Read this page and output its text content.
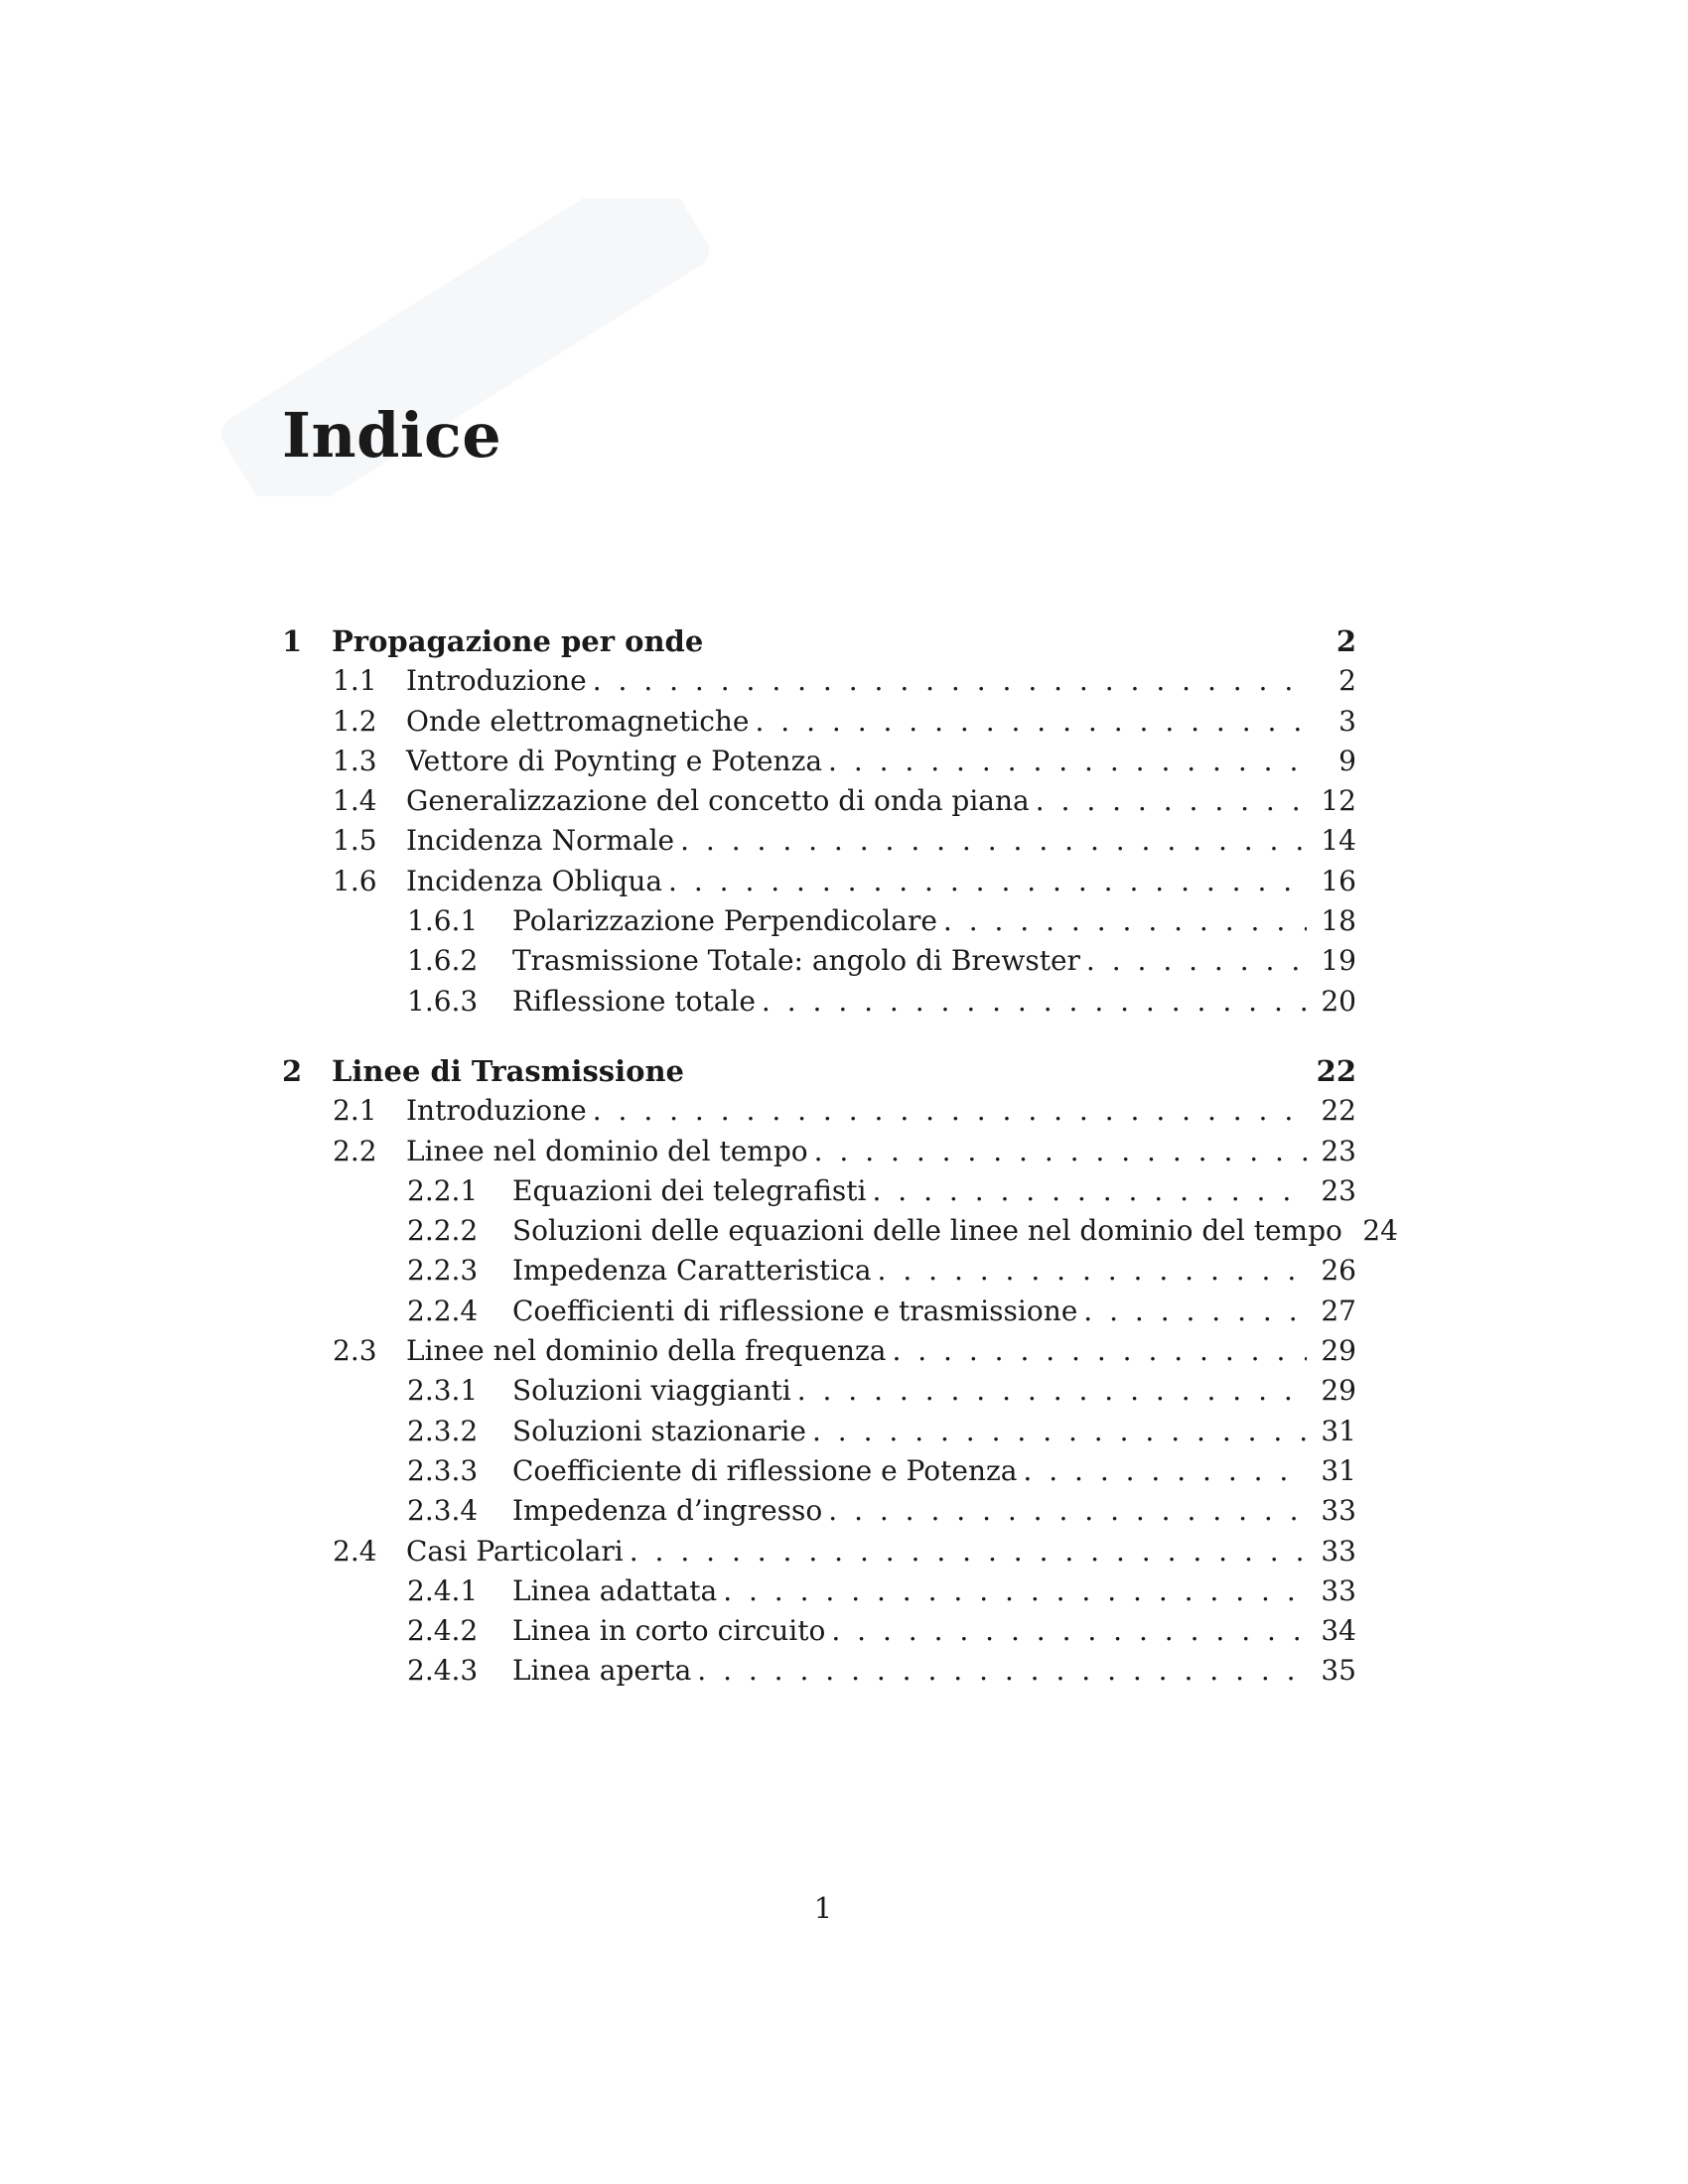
Indice
1	Propagazione per onde	2
1.1	Introduzione . . .	2
1.2	Onde elettromagnetiche . . .	3
1.3	Vettore di Poynting e Potenza . . .	9
1.4	Generalizzazione del concetto di onda piana . . .	12
1.5	Incidenza Normale . . .	14
1.6	Incidenza Obliqua . . .	16
1.6.1	Polarizzazione Perpendicolare . . .	18
1.6.2	Trasmissione Totale: angolo di Brewster . . .	19
1.6.3	Riflessione totale . . .	20
2	Linee di Trasmissione	22
2.1	Introduzione . . .	22
2.2	Linee nel dominio del tempo . . .	23
2.2.1	Equazioni dei telegrafisti . . .	23
2.2.2	Soluzioni delle equazioni delle linee nel dominio del tempo 24
2.2.3	Impedenza Caratteristica . . .	26
2.2.4	Coefficienti di riflessione e trasmissione . . .	27
2.3	Linee nel dominio della frequenza . . .	29
2.3.1	Soluzioni viaggianti . . .	29
2.3.2	Soluzioni stazionarie . . .	31
2.3.3	Coefficiente di riflessione e Potenza . . .	31
2.3.4	Impedenza d’ingresso . . .	33
2.4	Casi Particolari . . .	33
2.4.1	Linea adattata . . .	33
2.4.2	Linea in corto circuito . . .	34
2.4.3	Linea aperta . . .	35
1
